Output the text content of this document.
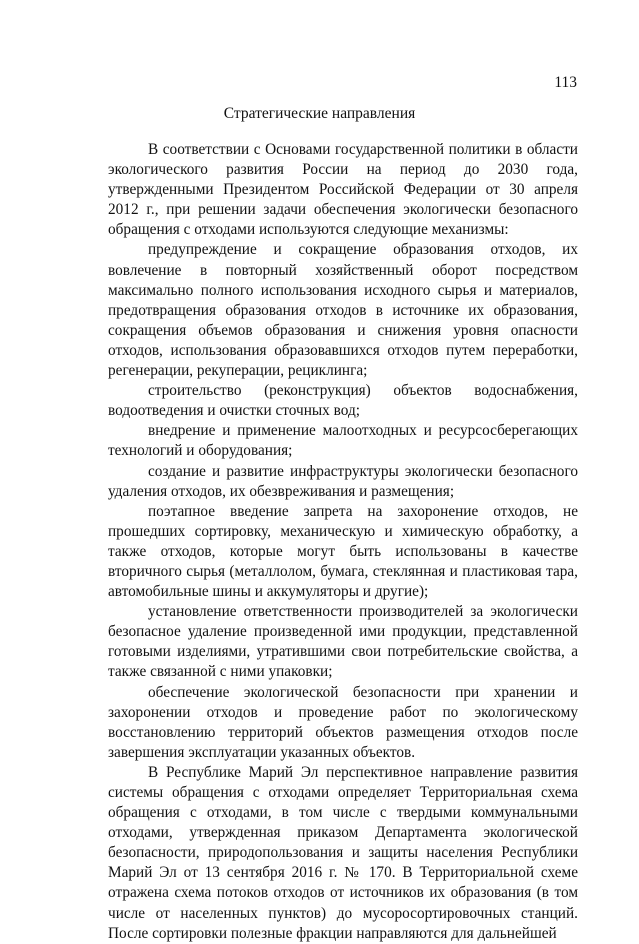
113
Стратегические направления

В соответствии с Основами государственной политики в области экологического развития России на период до 2030 года, утвержденными Президентом Российской Федерации от 30 апреля 2012 г., при решении задачи обеспечения экологически безопасного обращения с отходами используются следующие механизмы:

предупреждение и сокращение образования отходов, их вовлечение в повторный хозяйственный оборот посредством максимально полного использования исходного сырья и материалов, предотвращения образования отходов в источнике их образования, сокращения объемов образования и снижения уровня опасности отходов, использования образовавшихся отходов путем переработки, регенерации, рекуперации, рециклинга;

строительство (реконструкция) объектов водоснабжения, водоотведения и очистки сточных вод;

внедрение и применение малоотходных и ресурсосберегающих технологий и оборудования;

создание и развитие инфраструктуры экологически безопасного удаления отходов, их обезвреживания и размещения;

поэтапное введение запрета на захоронение отходов, не прошедших сортировку, механическую и химическую обработку, а также отходов, которые могут быть использованы в качестве вторичного сырья (металлолом, бумага, стеклянная и пластиковая тара, автомобильные шины и аккумуляторы и другие);

установление ответственности производителей за экологически безопасное удаление произведенной ими продукции, представленной готовыми изделиями, утратившими свои потребительские свойства, а также связанной с ними упаковки;

обеспечение экологической безопасности при хранении и захоронении отходов и проведение работ по экологическому восстановлению территорий объектов размещения отходов после завершения эксплуатации указанных объектов.

В Республике Марий Эл перспективное направление развития системы обращения с отходами определяет Территориальная схема обращения с отходами, в том числе с твердыми коммунальными отходами, утвержденная приказом Департамента экологической безопасности, природопользования и защиты населения Республики Марий Эл от 13 сентября 2016 г. № 170. В Территориальной схеме отражена схема потоков отходов от источников их образования (в том числе от населенных пунктов) до мусоросортировочных станций. После сортировки полезные фракции направляются для дальнейшей
